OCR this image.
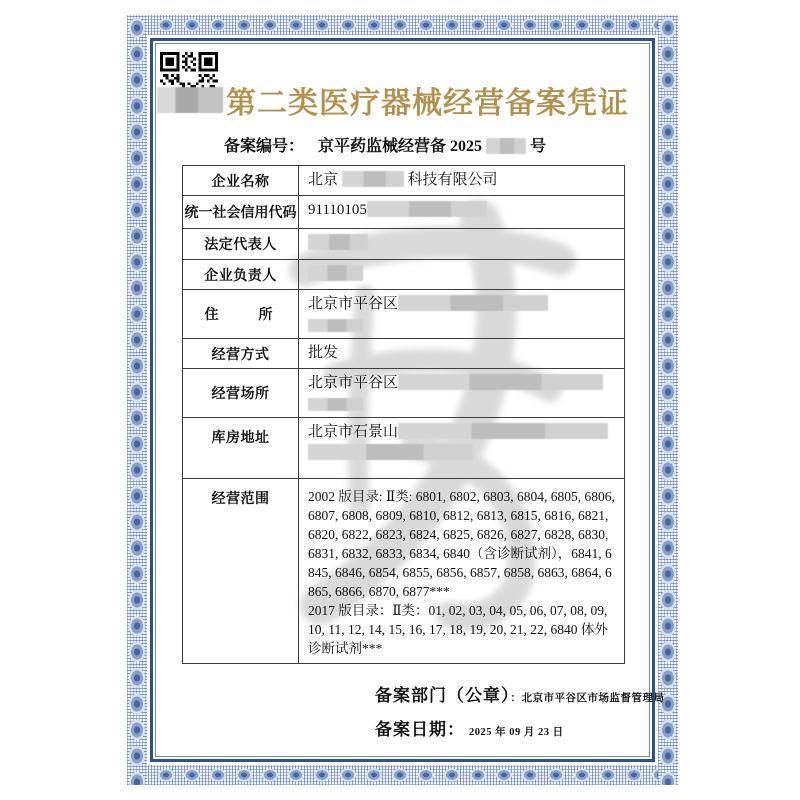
第二类医疗器械经营备案凭证
备案编号： 京平药监械经营备 2025	号
企业名称	北京 科技有限公司
统一社会信用代码	91110105
法定代表人	
企业负责人	
住　　所	北京市平谷区

经营方式	批发
经营场所	北京市平谷区

库房地址	北京市石景山

经营范围	2002 版目录: Ⅱ类: 6801, 6802, 6803, 6804, 6805, 6806, 6807, 6808, 6809, 6810, 6812, 6813, 6815, 6816, 6821, 6820, 6822, 6823, 6824, 6825, 6826, 6827, 6828, 6830, 6831, 6832, 6833, 6834, 6840（含诊断试剂），6841, 6845, 6846, 6854, 6855, 6856, 6857, 6858, 6863, 6864, 6865, 6866, 6870, 6877***
2017 版目录：Ⅱ类：01, 02, 03, 04, 05, 06, 07, 08, 09, 10, 11, 12, 14, 15, 16, 17, 18, 19, 20, 21, 22, 6840 体外诊断试剂***
备案部门（公章）：北京市平谷区市场监督管理局
备案日期： 2025 年 09 月 23 日
